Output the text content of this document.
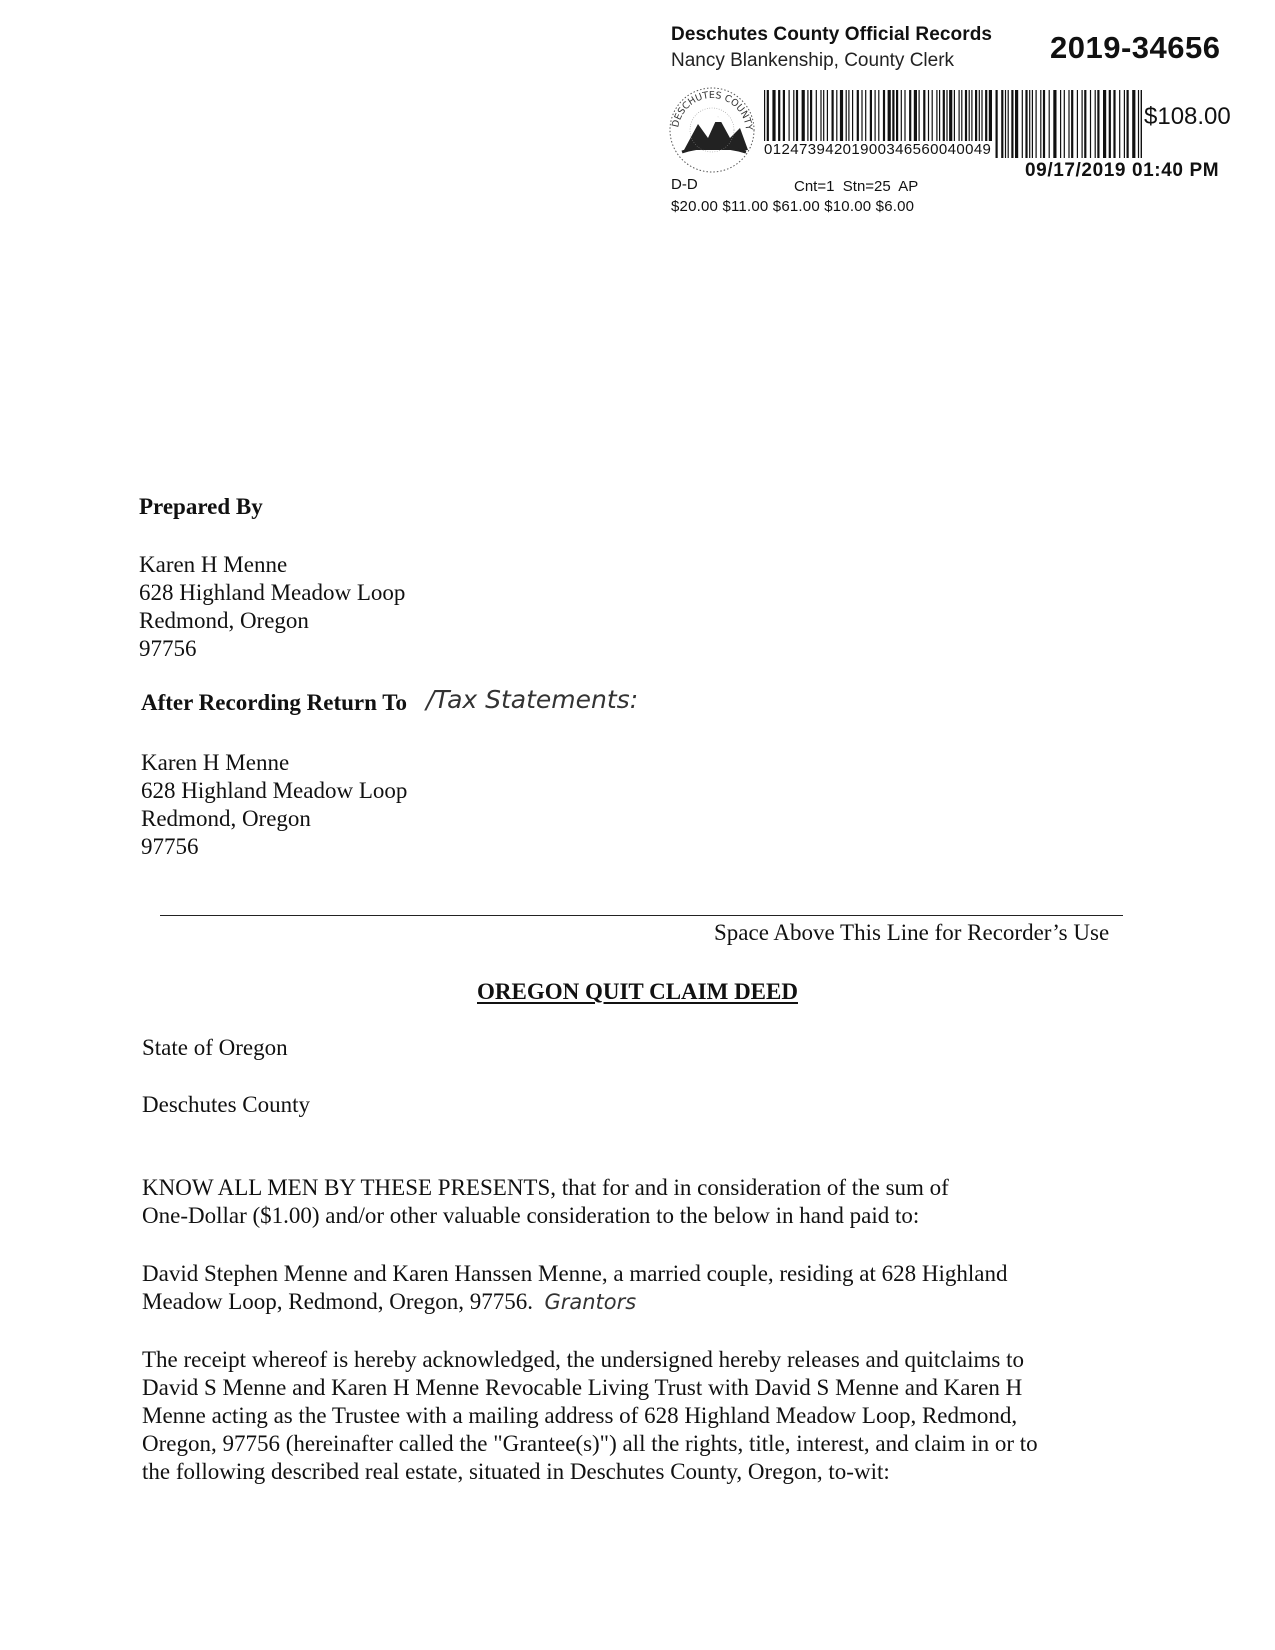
Deschutes County Official Records
Nancy Blankenship, County Clerk	2019-34656
DESCHUTES COUNTY
01247394201900346560040049
$108.00
09/17/2019 01:40 PM
D-D	Cnt=1  Stn=25  AP
$20.00 $11.00 $61.00 $10.00 $6.00
Prepared By
Karen H Menne
628 Highland Meadow Loop
Redmond, Oregon
97756
After Recording Return To /Tax Statements:
Karen H Menne
628 Highland Meadow Loop
Redmond, Oregon
97756
Space Above This Line for Recorder’s Use
OREGON QUIT CLAIM DEED
State of Oregon
Deschutes County
KNOW ALL MEN BY THESE PRESENTS, that for and in consideration of the sum of
One-Dollar ($1.00) and/or other valuable consideration to the below in hand paid to:
David Stephen Menne and Karen Hanssen Menne, a married couple, residing at 628 Highland
Meadow Loop, Redmond, Oregon, 97756. Grantors
The receipt whereof is hereby acknowledged, the undersigned hereby releases and quitclaims to
David S Menne and Karen H Menne Revocable Living Trust with David S Menne and Karen H
Menne acting as the Trustee with a mailing address of 628 Highland Meadow Loop, Redmond,
Oregon, 97756 (hereinafter called the "Grantee(s)") all the rights, title, interest, and claim in or to
the following described real estate, situated in Deschutes County, Oregon, to-wit:
